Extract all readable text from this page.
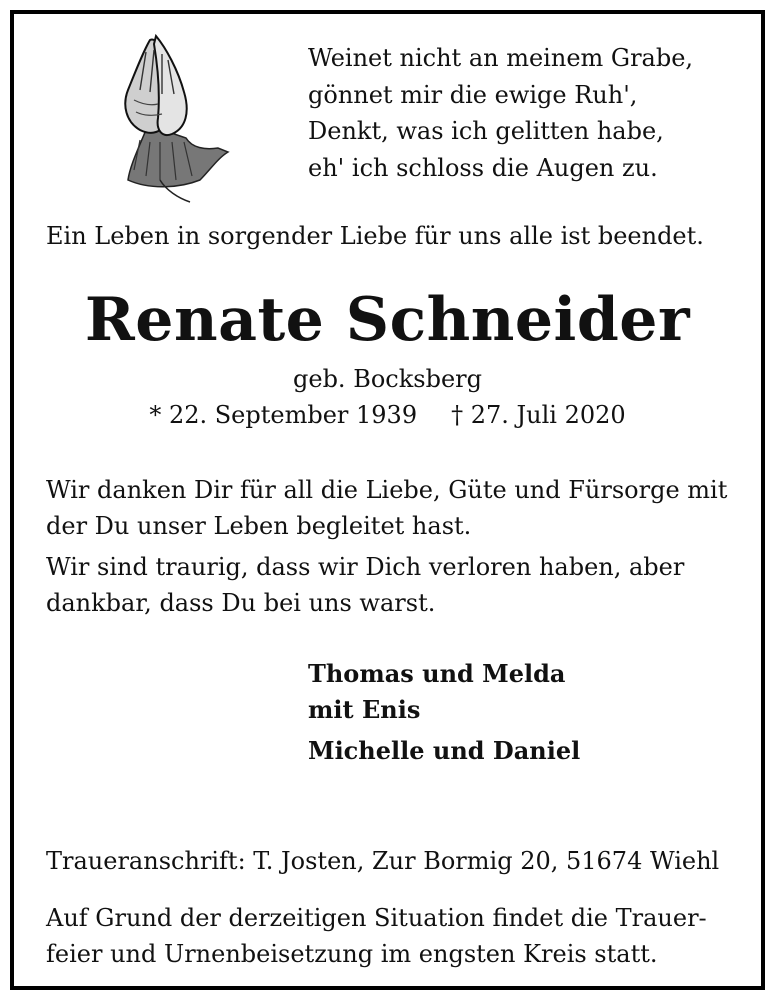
Weinet nicht an meinem Grabe,
gönnet mir die ewige Ruh',
Denkt, was ich gelitten habe,
eh' ich schloss die Augen zu.
Ein Leben in sorgender Liebe für uns alle ist beendet.
Renate Schneider
geb. Bocksberg
* 22. September 1939 † 27. Juli 2020

Wir danken Dir für all die Liebe, Güte und Fürsorge mit der Du unser Leben begleitet hast.

Wir sind traurig, dass wir Dich verloren haben, aber dankbar, dass Du bei uns warst.

Thomas und Melda
mit Enis
Michelle und Daniel
Traueranschrift: T. Josten, Zur Bormig 20, 51674 Wiehl
Auf Grund der derzeitigen Situation findet die Trauer-
feier und Urnenbeisetzung im engsten Kreis statt.
